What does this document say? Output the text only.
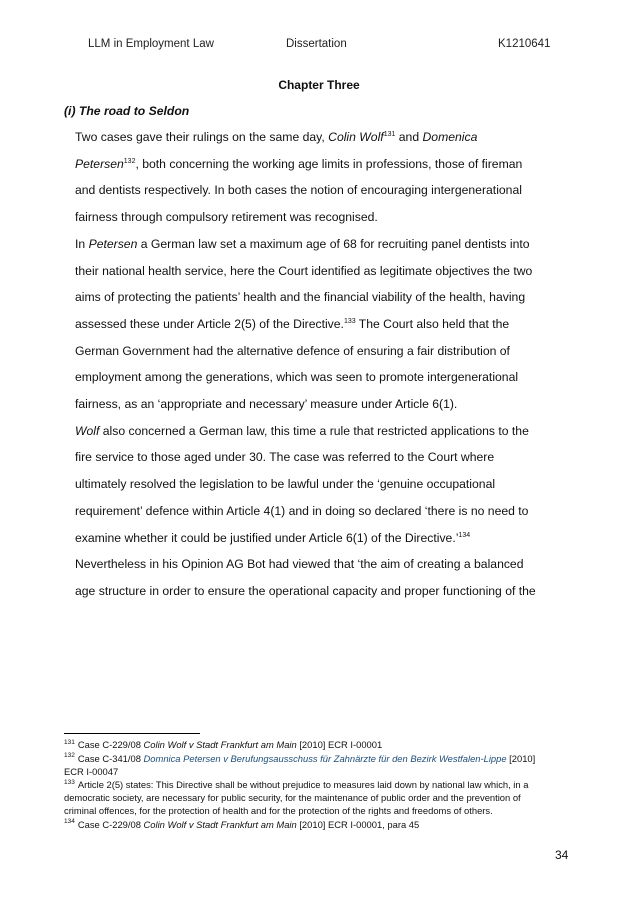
LLM in Employment Law	Dissertation	K1210641
Chapter Three
(i) The road to Seldon

Two cases gave their rulings on the same day, Colin Wolf$^{131}$ and Domenica
Petersen$^{132}$, both concerning the working age limits in professions, those of fireman
and dentists respectively. In both cases the notion of encouraging intergenerational
fairness through compulsory retirement was recognised.

In Petersen a German law set a maximum age of 68 for recruiting panel dentists into
their national health service, here the Court identified as legitimate objectives the two
aims of protecting the patients’ health and the financial viability of the health, having
assessed these under Article 2(5) of the Directive.$^{133}$ The Court also held that the
German Government had the alternative defence of ensuring a fair distribution of
employment among the generations, which was seen to promote intergenerational
fairness, as an ‘appropriate and necessary’ measure under Article 6(1).

Wolf also concerned a German law, this time a rule that restricted applications to the
fire service to those aged under 30. The case was referred to the Court where
ultimately resolved the legislation to be lawful under the ‘genuine occupational
requirement’ defence within Article 4(1) and in doing so declared ‘there is no need to
examine whether it could be justified under Article 6(1) of the Directive.’$^{134}$

Nevertheless in his Opinion AG Bot had viewed that ‘the aim of creating a balanced
age structure in order to ensure the operational capacity and proper functioning of the

$^{131}$ Case C-229/08 Colin Wolf v Stadt Frankfurt am Main [2010] ECR I-00001
$^{132}$ Case C-341/08 Domnica Petersen v Berufungsausschuss für Zahnärzte für den Bezirk Westfalen-Lippe [2010]
ECR I-00047
$^{133}$ Article 2(5) states: This Directive shall be without prejudice to measures laid down by national law which, in a
democratic society, are necessary for public security, for the maintenance of public order and the prevention of
criminal offences, for the protection of health and for the protection of the rights and freedoms of others.
$^{134}$ Case C-229/08 Colin Wolf v Stadt Frankfurt am Main [2010] ECR I-00001, para 45
34
